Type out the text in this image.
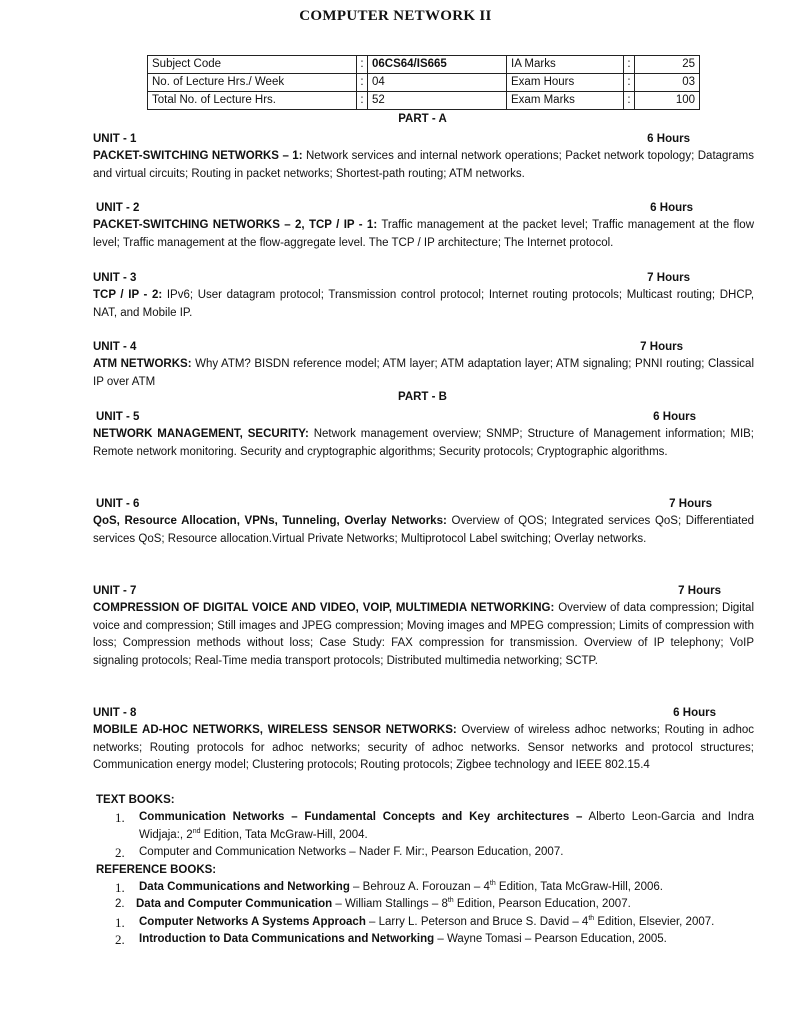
COMPUTER NETWORK II
Subject Code	:	06CS64/IS665	IA Marks	:	25
No. of Lecture Hrs./ Week	:	04	Exam Hours	:	03
Total No. of Lecture Hrs.	:	52	Exam Marks	:	100
PART - A
UNIT - 1	6 Hours

PACKET-SWITCHING NETWORKS – 1: Network services and internal network operations; Packet network topology; Datagrams and virtual circuits; Routing in packet networks; Shortest-path routing; ATM networks.

UNIT - 2	6 Hours

PACKET-SWITCHING NETWORKS – 2, TCP / IP - 1: Traffic management at the packet level; Traffic management at the flow level; Traffic management at the flow-aggregate level. The TCP / IP architecture; The Internet protocol.

UNIT - 3	7 Hours

TCP / IP - 2: IPv6; User datagram protocol; Transmission control protocol; Internet routing protocols; Multicast routing; DHCP, NAT, and Mobile IP.

UNIT - 4	7 Hours

ATM NETWORKS: Why ATM? BISDN reference model; ATM layer; ATM adaptation layer; ATM signaling; PNNI routing; Classical IP over ATM

PART - B
UNIT - 5	6 Hours

NETWORK MANAGEMENT, SECURITY: Network management overview; SNMP; Structure of Management information; MIB; Remote network monitoring. Security and cryptographic algorithms; Security protocols; Cryptographic algorithms.

UNIT - 6	7 Hours

QoS, Resource Allocation, VPNs, Tunneling, Overlay Networks: Overview of QOS; Integrated services QoS; Differentiated services QoS; Resource allocation.Virtual Private Networks; Multiprotocol Label switching; Overlay networks.

UNIT - 7	7 Hours

COMPRESSION OF DIGITAL VOICE AND VIDEO, VOIP, MULTIMEDIA NETWORKING: Overview of data compression; Digital voice and compression; Still images and JPEG compression; Moving images and MPEG compression; Limits of compression with loss; Compression methods without loss; Case Study: FAX compression for transmission. Overview of IP telephony; VoIP signaling protocols; Real-Time media transport protocols; Distributed multimedia networking; SCTP.

UNIT - 8	6 Hours

MOBILE AD-HOC NETWORKS, WIRELESS SENSOR NETWORKS: Overview of wireless adhoc networks; Routing in adhoc networks; Routing protocols for adhoc networks; security of adhoc networks. Sensor networks and protocol structures; Communication energy model; Clustering protocols; Routing protocols; Zigbee technology and IEEE 802.15.4

TEXT BOOKS:
1. Communication Networks – Fundamental Concepts and Key architectures – Alberto Leon-Garcia and Indra Widjaja:, 2nd Edition, Tata McGraw-Hill, 2004.
2. Computer and Communication Networks – Nader F. Mir:, Pearson Education, 2007.
REFERENCE BOOKS:
1. Data Communications and Networking – Behrouz A. Forouzan – 4th Edition, Tata McGraw-Hill, 2006.
2. Data and Computer Communication – William Stallings – 8th Edition, Pearson Education, 2007.
1. Computer Networks A Systems Approach – Larry L. Peterson and Bruce S. David – 4th Edition, Elsevier, 2007.
2. Introduction to Data Communications and Networking – Wayne Tomasi – Pearson Education, 2005.
